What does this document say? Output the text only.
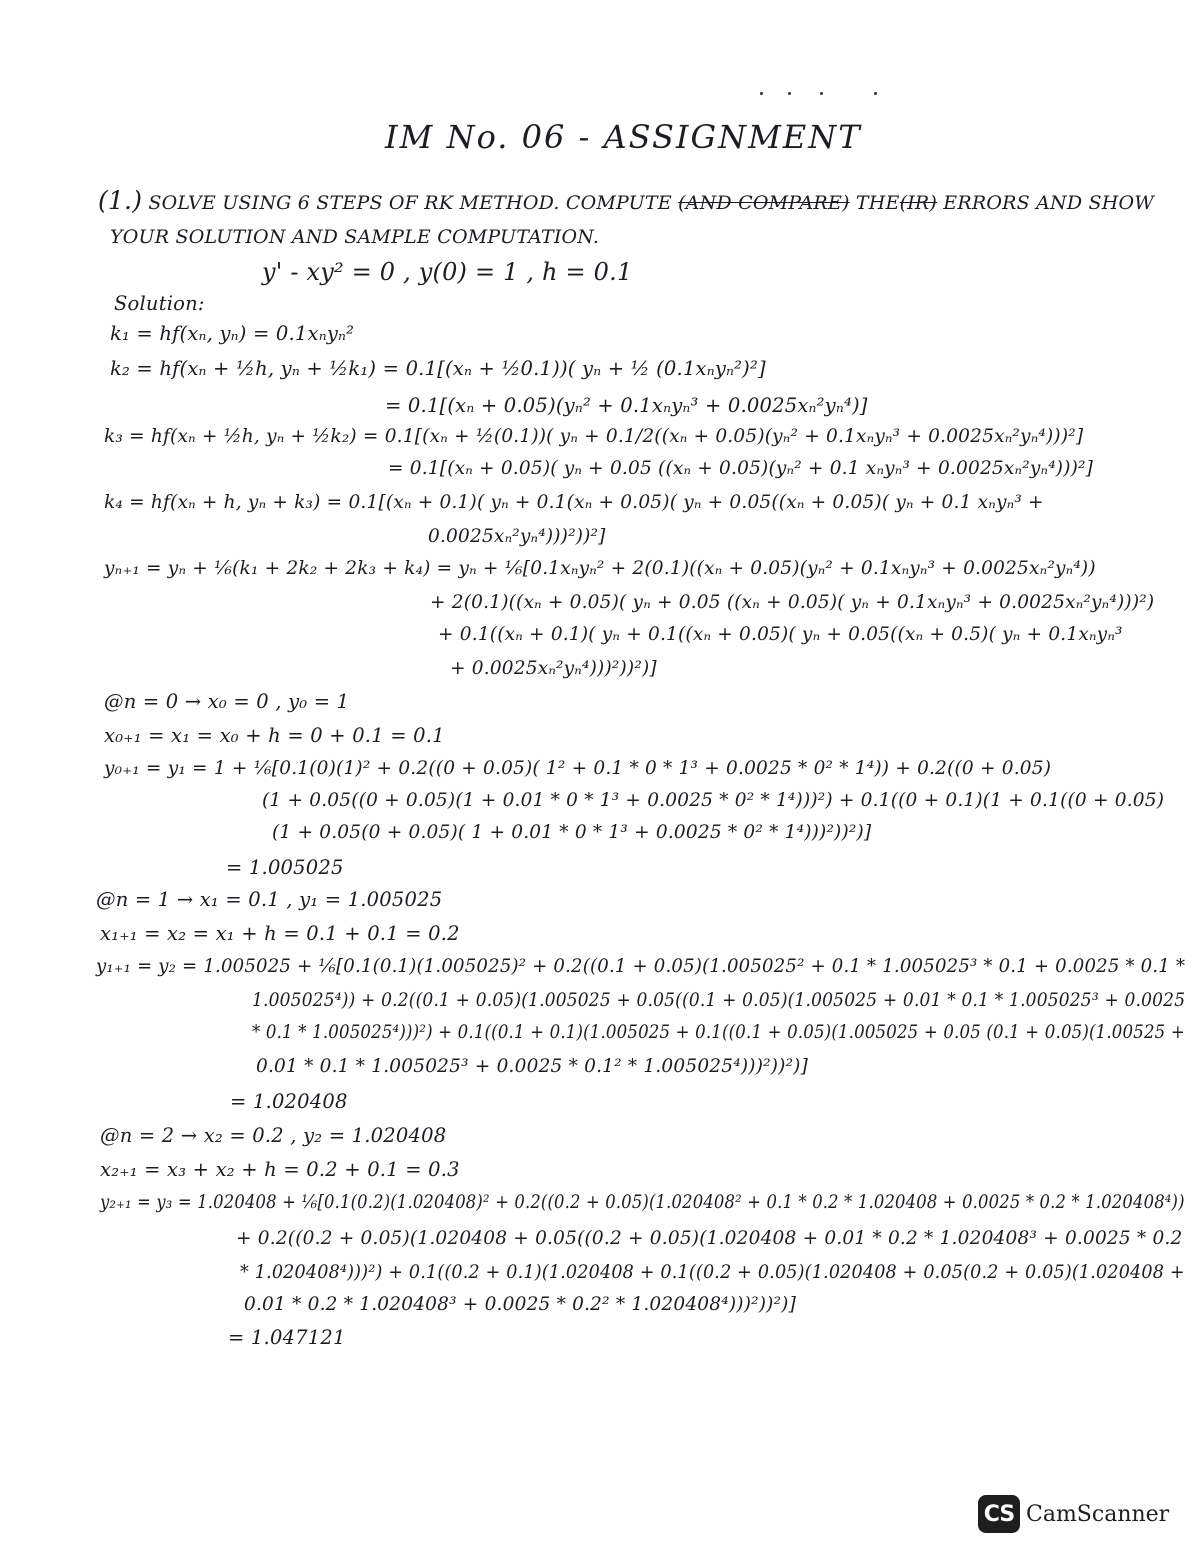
IM No. 06 - ASSIGNMENT
(1.) SOLVE USING 6 STEPS OF RK METHOD. COMPUTE (AND COMPARE) THE(IR) ERRORS AND SHOW
YOUR SOLUTION AND SAMPLE COMPUTATION.
y' - xy² = 0 , y(0) = 1 , h = 0.1
Solution:
k₁ = hf(xₙ, yₙ) = 0.1xₙyₙ²
k₂ = hf(xₙ + ½h, yₙ + ½k₁) = 0.1[(xₙ + ½0.1))( yₙ + ½ (0.1xₙyₙ²)²]
= 0.1[(xₙ + 0.05)(yₙ² + 0.1xₙyₙ³ + 0.0025xₙ²yₙ⁴)]
k₃ = hf(xₙ + ½h, yₙ + ½k₂) = 0.1[(xₙ + ½(0.1))( yₙ + 0.1/2((xₙ + 0.05)(yₙ² + 0.1xₙyₙ³ + 0.0025xₙ²yₙ⁴)))²]
= 0.1[(xₙ + 0.05)( yₙ + 0.05 ((xₙ + 0.05)(yₙ² + 0.1 xₙyₙ³ + 0.0025xₙ²yₙ⁴)))²]
k₄ = hf(xₙ + h, yₙ + k₃) = 0.1[(xₙ + 0.1)( yₙ + 0.1(xₙ + 0.05)( yₙ + 0.05((xₙ + 0.05)( yₙ + 0.1 xₙyₙ³ +
0.0025xₙ²yₙ⁴)))²))²]
yₙ₊₁ = yₙ + ⅙(k₁ + 2k₂ + 2k₃ + k₄) = yₙ + ⅙[0.1xₙyₙ² + 2(0.1)((xₙ + 0.05)(yₙ² + 0.1xₙyₙ³ + 0.0025xₙ²yₙ⁴))
+ 2(0.1)((xₙ + 0.05)( yₙ + 0.05 ((xₙ + 0.05)( yₙ + 0.1xₙyₙ³ + 0.0025xₙ²yₙ⁴)))²)
+ 0.1((xₙ + 0.1)( yₙ + 0.1((xₙ + 0.05)( yₙ + 0.05((xₙ + 0.5)( yₙ + 0.1xₙyₙ³
+ 0.0025xₙ²yₙ⁴)))²))²)]
@n = 0 → x₀ = 0 , y₀ = 1
x₀₊₁ = x₁ = x₀ + h = 0 + 0.1 = 0.1
y₀₊₁ = y₁ = 1 + ⅙[0.1(0)(1)² + 0.2((0 + 0.05)( 1² + 0.1 * 0 * 1³ + 0.0025 * 0² * 1⁴)) + 0.2((0 + 0.05)
(1 + 0.05((0 + 0.05)(1 + 0.01 * 0 * 1³ + 0.0025 * 0² * 1⁴)))²) + 0.1((0 + 0.1)(1 + 0.1((0 + 0.05)
(1 + 0.05(0 + 0.05)( 1 + 0.01 * 0 * 1³ + 0.0025 * 0² * 1⁴)))²))²)]
= 1.005025
@n = 1 → x₁ = 0.1 , y₁ = 1.005025
x₁₊₁ = x₂ = x₁ + h = 0.1 + 0.1 = 0.2
y₁₊₁ = y₂ = 1.005025 + ⅙[0.1(0.1)(1.005025)² + 0.2((0.1 + 0.05)(1.005025² + 0.1 * 1.005025³ * 0.1 + 0.0025 * 0.1 *
1.005025⁴)) + 0.2((0.1 + 0.05)(1.005025 + 0.05((0.1 + 0.05)(1.005025 + 0.01 * 0.1 * 1.005025³ + 0.0025
* 0.1 * 1.005025⁴)))²) + 0.1((0.1 + 0.1)(1.005025 + 0.1((0.1 + 0.05)(1.005025 + 0.05 (0.1 + 0.05)(1.00525 +
0.01 * 0.1 * 1.005025³ + 0.0025 * 0.1² * 1.005025⁴)))²))²)]
= 1.020408
@n = 2 → x₂ = 0.2 , y₂ = 1.020408
x₂₊₁ = x₃ + x₂ + h = 0.2 + 0.1 = 0.3
y₂₊₁ = y₃ = 1.020408 + ⅙[0.1(0.2)(1.020408)² + 0.2((0.2 + 0.05)(1.020408² + 0.1 * 0.2 * 1.020408 + 0.0025 * 0.2 * 1.020408⁴))
+ 0.2((0.2 + 0.05)(1.020408 + 0.05((0.2 + 0.05)(1.020408 + 0.01 * 0.2 * 1.020408³ + 0.0025 * 0.2
* 1.020408⁴)))²) + 0.1((0.2 + 0.1)(1.020408 + 0.1((0.2 + 0.05)(1.020408 + 0.05(0.2 + 0.05)(1.020408 +
0.01 * 0.2 * 1.020408³ + 0.0025 * 0.2² * 1.020408⁴)))²))²)]
= 1.047121
CS CamScanner
